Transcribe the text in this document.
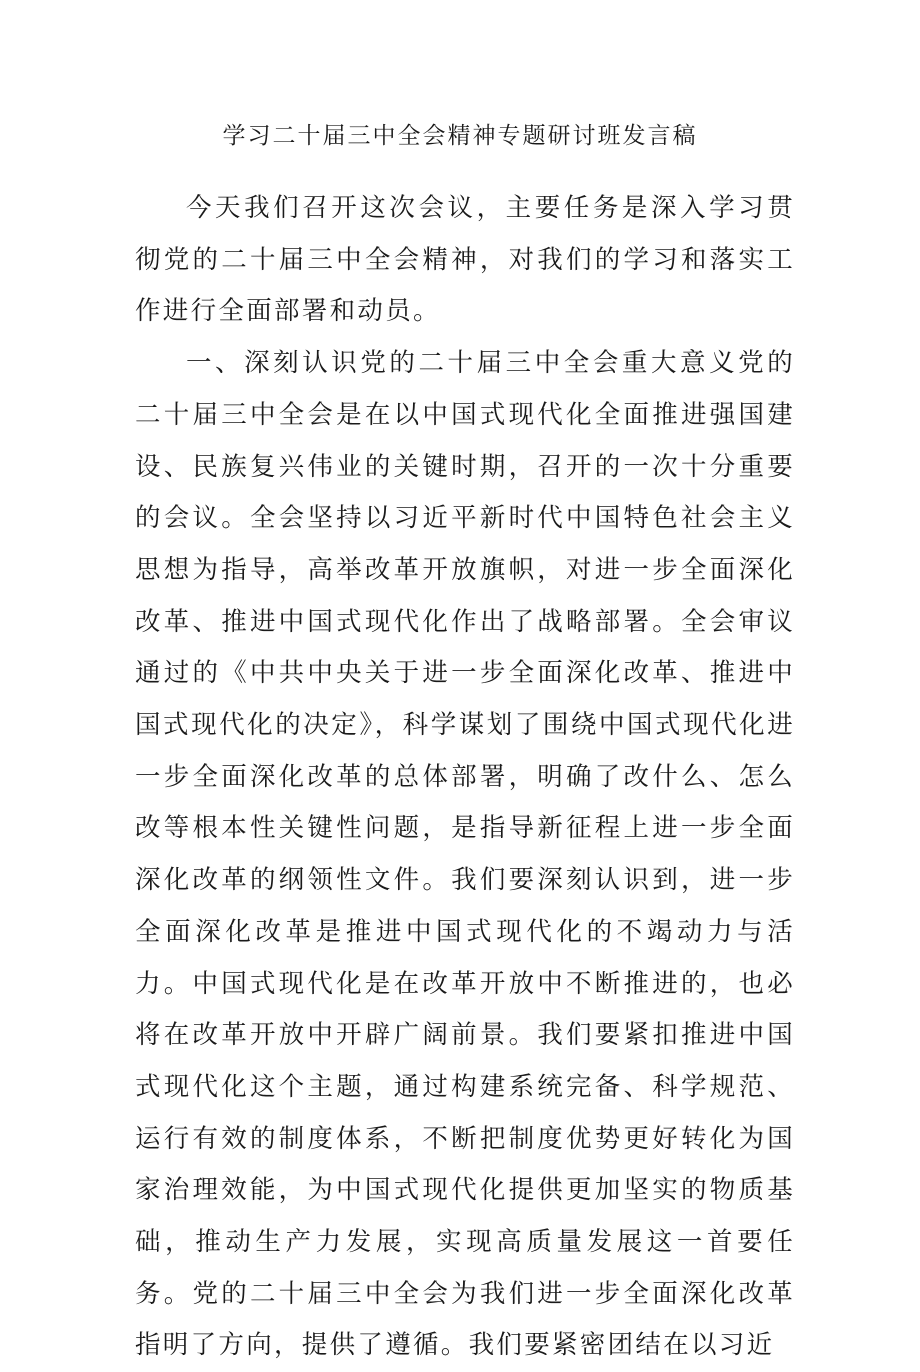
学习二十届三中全会精神专题研讨班发言稿

今天我们召开这次会议，主要任务是深入学习贯彻党的二十届三中全会精神，对我们的学习和落实工作进行全面部署和动员。

一、深刻认识党的二十届三中全会重大意义党的二十届三中全会是在以中国式现代化全面推进强国建设、民族复兴伟业的关键时期，召开的一次十分重要的会议。全会坚持以习近平新时代中国特色社会主义思想为指导，高举改革开放旗帜，对进一步全面深化改革、推进中国式现代化作出了战略部署。全会审议通过的《中共中央关于进一步全面深化改革、推进中国式现代化的决定》，科学谋划了围绕中国式现代化进一步全面深化改革的总体部署，明确了改什么、怎么改等根本性关键性问题，是指导新征程上进一步全面深化改革的纲领性文件。我们要深刻认识到，进一步全面深化改革是推进中国式现代化的不竭动力与活力。中国式现代化是在改革开放中不断推进的，也必将在改革开放中开辟广阔前景。我们要紧扣推进中国式现代化这个主题，通过构建系统完备、科学规范、运行有效的制度体系，不断把制度优势更好转化为国家治理效能，为中国式现代化提供更加坚实的物质基础，推动生产力发展，实现高质量发展这一首要任务。党的二十届三中全会为我们进一步全面深化改革指明了方向，提供了遵循。我们要紧密团结在以习近
